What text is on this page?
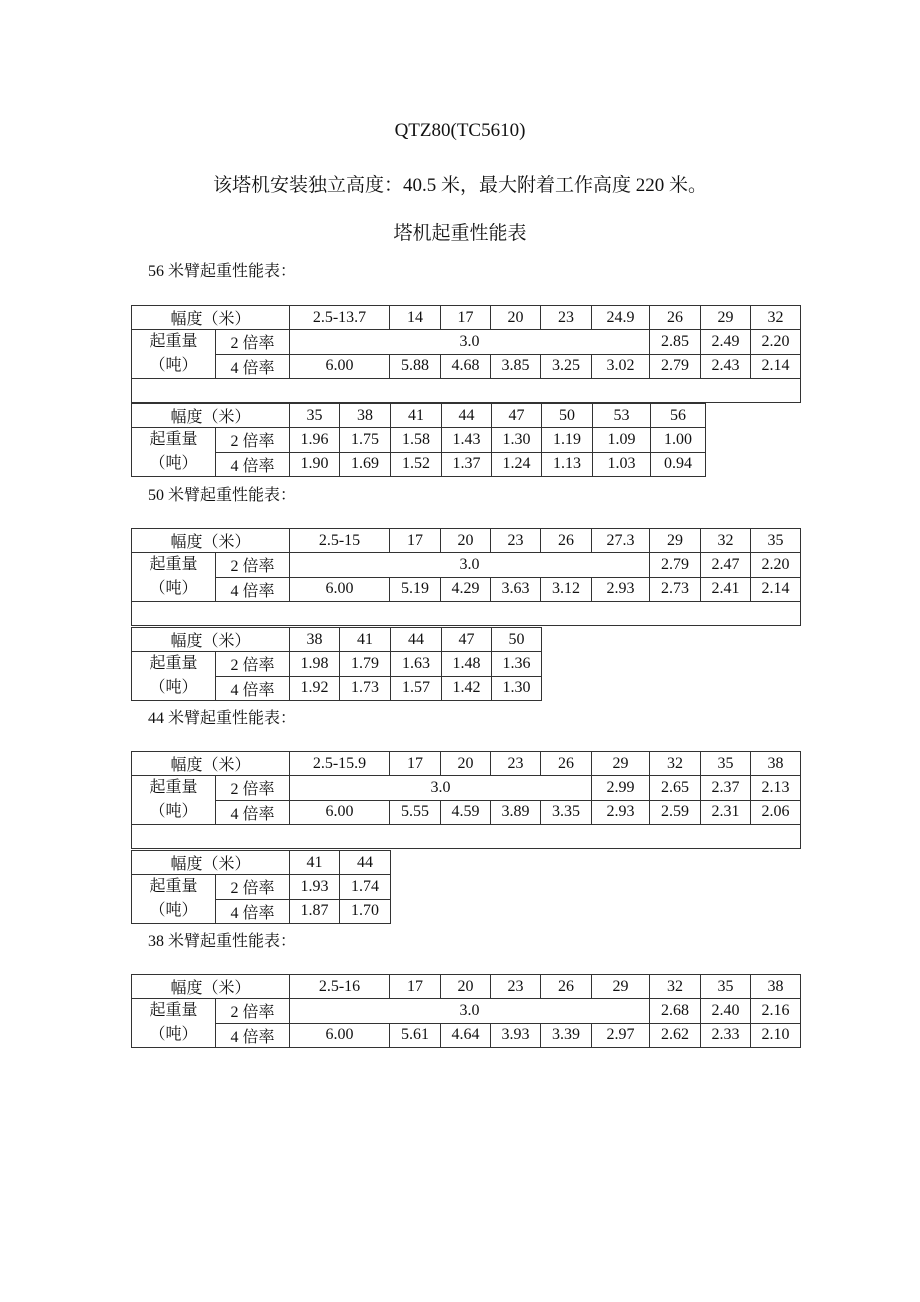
QTZ80(TC5610)
该塔机安装独立高度：40.5 米，最大附着工作高度 220 米。
塔机起重性能表
56 米臂起重性能表：
幅度（米）		2.5-13.7	14	17	20	23	24.9	26	29	32

起重量
（吨）	2 倍率	3.0						2.85	2.49	2.20
	4 倍率	6.00	5.88	4.68	3.85	3.25	3.02	2.79	2.43	2.14

幅度（米）		35	38	41	44	47	50	53	56

起重量
（吨）	2 倍率	1.96	1.75	1.58	1.43	1.30	1.19	1.09	1.00
	4 倍率	1.90	1.69	1.52	1.37	1.24	1.13	1.03	0.94
50 米臂起重性能表：
幅度（米）		2.5-15	17	20	23	26	27.3	29	32	35

起重量
（吨）	2 倍率	3.0						2.79	2.47	2.20
	4 倍率	6.00	5.19	4.29	3.63	3.12	2.93	2.73	2.41	2.14

幅度（米）		38	41	44	47	50

起重量
（吨）	2 倍率	1.98	1.79	1.63	1.48	1.36
	4 倍率	1.92	1.73	1.57	1.42	1.30
44 米臂起重性能表：
幅度（米）		2.5-15.9	17	20	23	26	29	32	35	38

起重量
（吨）	2 倍率	3.0					2.99	2.65	2.37	2.13
	4 倍率	6.00	5.55	4.59	3.89	3.35	2.93	2.59	2.31	2.06

幅度（米）		41	44

起重量
（吨）	2 倍率	1.93	1.74
	4 倍率	1.87	1.70
38 米臂起重性能表：
幅度（米）		2.5-16	17	20	23	26	29	32	35	38

起重量
（吨）	2 倍率	3.0						2.68	2.40	2.16
	4 倍率	6.00	5.61	4.64	3.93	3.39	2.97	2.62	2.33	2.10
